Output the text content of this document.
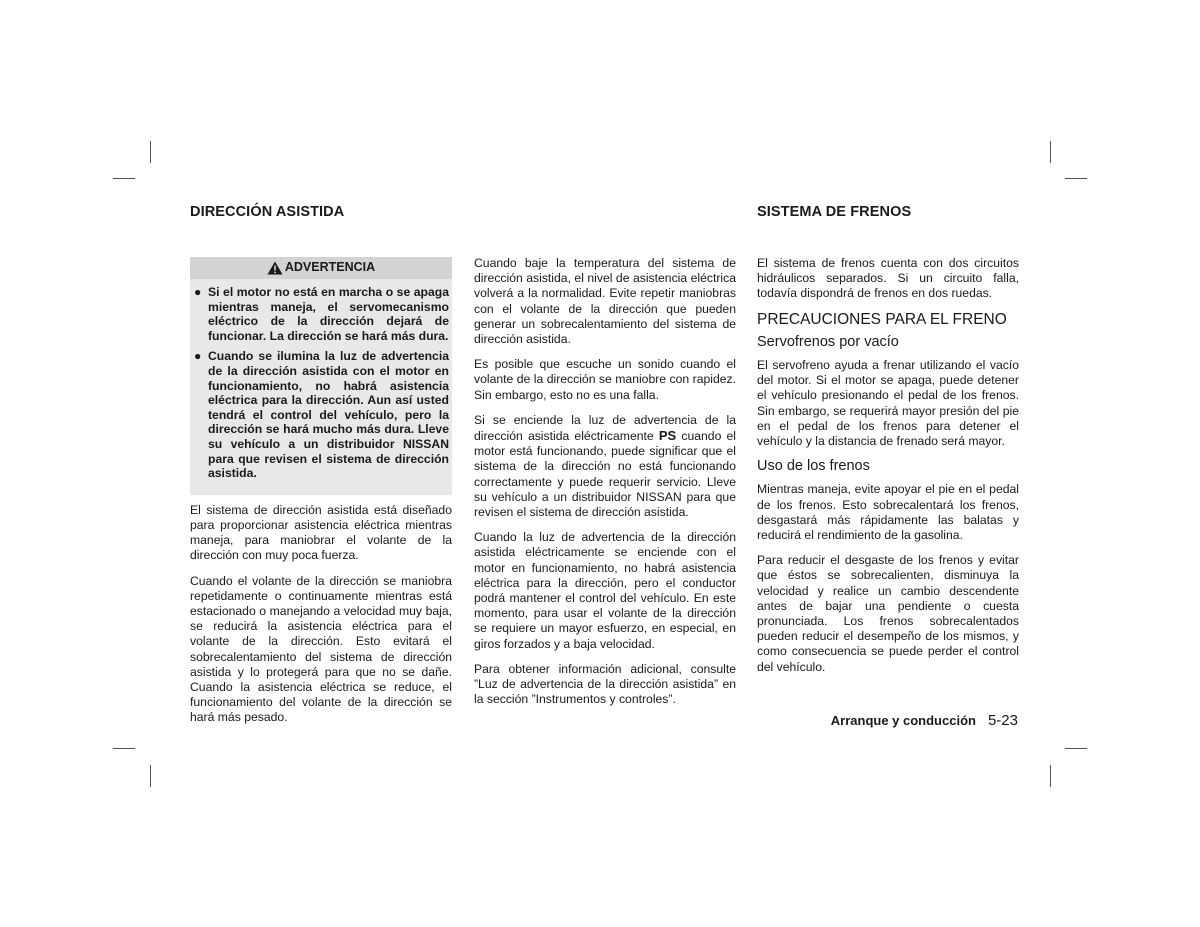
DIRECCIÓN ASISTIDA	SISTEMA DE FRENOS
ADVERTENCIA
● Si el motor no está en marcha o se apaga mientras maneja, el servomecanismo eléctrico de la dirección dejará de funcionar. La dirección se hará más dura.
● Cuando se ilumina la luz de advertencia de la dirección asistida con el motor en funcionamiento, no habrá asistencia eléctrica para la dirección. Aun así usted tendrá el control del vehículo, pero la dirección se hará mucho más dura. Lleve su vehículo a un distribuidor NISSAN para que revisen el sistema de dirección asistida.

El sistema de dirección asistida está diseñado para proporcionar asistencia eléctrica mientras maneja, para maniobrar el volante de la dirección con muy poca fuerza.

Cuando el volante de la dirección se maniobra repetidamente o continuamente mientras está estacionado o manejando a velocidad muy baja, se reducirá la asistencia eléctrica para el volante de la dirección. Esto evitará el sobrecalentamiento del sistema de dirección asistida y lo protegerá para que no se dañe. Cuando la asistencia eléctrica se reduce, el funcionamiento del volante de la dirección se hará más pesado.

Cuando baje la temperatura del sistema de dirección asistida, el nivel de asistencia eléctrica volverá a la normalidad. Evite repetir maniobras con el volante de la dirección que pueden generar un sobrecalentamiento del sistema de dirección asistida.

Es posible que escuche un sonido cuando el volante de la dirección se maniobre con rapidez. Sin embargo, esto no es una falla.

Si se enciende la luz de advertencia de la dirección asistida eléctricamente PS cuando el motor está funcionando, puede significar que el sistema de la dirección no está funcionando correctamente y puede requerir servicio. Lleve su vehículo a un distribuidor NISSAN para que revisen el sistema de dirección asistida.

Cuando la luz de advertencia de la dirección asistida eléctricamente se enciende con el motor en funcionamiento, no habrá asistencia eléctrica para la dirección, pero el conductor podrá mantener el control del vehículo. En este momento, para usar el volante de la dirección se requiere un mayor esfuerzo, en especial, en giros forzados y a baja velocidad.

Para obtener información adicional, consulte ”Luz de advertencia de la dirección asistida” en la sección ”Instrumentos y controles”.

El sistema de frenos cuenta con dos circuitos hidráulicos separados. Si un circuito falla, todavía dispondrá de frenos en dos ruedas.

PRECAUCIONES PARA EL FRENO
Servofrenos por vacío

El servofreno ayuda a frenar utilizando el vacío del motor. Si el motor se apaga, puede detener el vehículo presionando el pedal de los frenos. Sin embargo, se requerirá mayor presión del pie en el pedal de los frenos para detener el vehículo y la distancia de frenado será mayor.

Uso de los frenos

Mientras maneja, evite apoyar el pie en el pedal de los frenos. Esto sobrecalentará los frenos, desgastará más rápidamente las balatas y reducirá el rendimiento de la gasolina.

Para reducir el desgaste de los frenos y evitar que éstos se sobrecalienten, disminuya la velocidad y realice un cambio descendente antes de bajar una pendiente o cuesta pronunciada. Los frenos sobrecalentados pueden reducir el desempeño de los mismos, y como consecuencia se puede perder el control del vehículo.

Arranque y conducción 5-23
